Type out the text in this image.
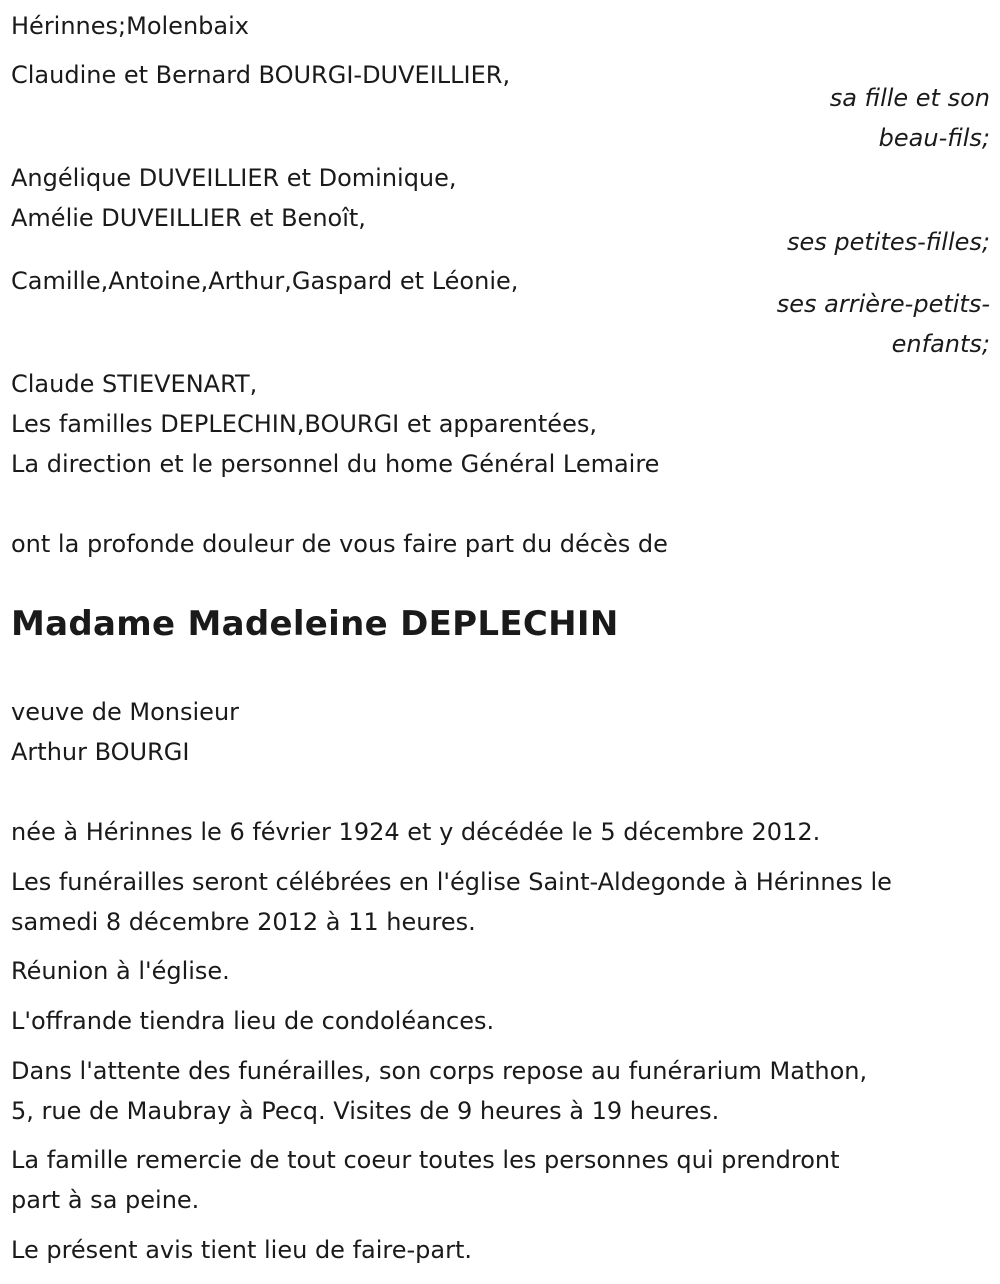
Hérinnes;Molenbaix
Claudine et Bernard BOURGI-DUVEILLIER,
sa fille et son
beau-fils;
Angélique DUVEILLIER et Dominique,
Amélie DUVEILLIER et Benoît,
ses petites-filles;
Camille,Antoine,Arthur,Gaspard et Léonie,
ses arrière-petits-
enfants;
Claude STIEVENART,
Les familles DEPLECHIN,BOURGI et apparentées,
La direction et le personnel du home Général Lemaire
ont la profonde douleur de vous faire part du décès de
Madame Madeleine DEPLECHIN
veuve de Monsieur
Arthur BOURGI
née à Hérinnes le 6 février 1924 et y décédée le 5 décembre 2012.
Les funérailles seront célébrées en l'église Saint-Aldegonde à Hérinnes le
samedi 8 décembre 2012 à 11 heures.
Réunion à l'église.
L'offrande tiendra lieu de condoléances.
Dans l'attente des funérailles, son corps repose au funérarium Mathon,
5, rue de Maubray à Pecq. Visites de 9 heures à 19 heures.
La famille remercie de tout coeur toutes les personnes qui prendront
part à sa peine.
Le présent avis tient lieu de faire-part.
